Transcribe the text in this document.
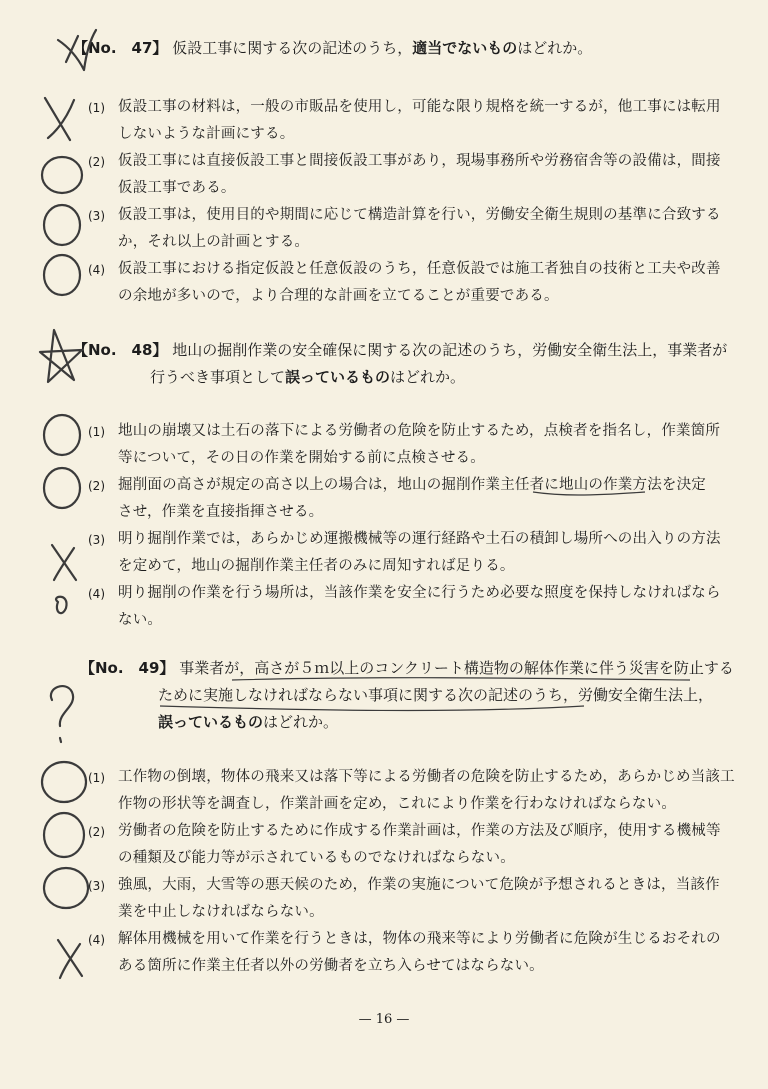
【No.　47】 仮設工事に関する次の記述のうち，適当でないものはどれか。
(1) 仮設工事の材料は，一般の市販品を使用し，可能な限り規格を統一するが，他工事には転用
しないような計画にする。
(2) 仮設工事には直接仮設工事と間接仮設工事があり，現場事務所や労務宿舎等の設備は，間接
仮設工事である。
(3) 仮設工事は，使用目的や期間に応じて構造計算を行い，労働安全衛生規則の基準に合致する
か，それ以上の計画とする。
(4) 仮設工事における指定仮設と任意仮設のうち，任意仮設では施工者独自の技術と工夫や改善
の余地が多いので，より合理的な計画を立てることが重要である。
【No.　48】 地山の掘削作業の安全確保に関する次の記述のうち，労働安全衛生法上，事業者が
行うべき事項として誤っているものはどれか。
(1) 地山の崩壊又は土石の落下による労働者の危険を防止するため，点検者を指名し，作業箇所
等について，その日の作業を開始する前に点検させる。
(2) 掘削面の高さが規定の高さ以上の場合は，地山の掘削作業主任者に地山の作業方法を決定
させ，作業を直接指揮させる。
(3) 明り掘削作業では，あらかじめ運搬機械等の運行経路や土石の積卸し場所への出入りの方法
を定めて，地山の掘削作業主任者のみに周知すれば足りる。
(4) 明り掘削の作業を行う場所は，当該作業を安全に行うため必要な照度を保持しなければなら
ない。
【No.　49】 事業者が，高さが５ｍ以上のコンクリート構造物の解体作業に伴う災害を防止する
ために実施しなければならない事項に関する次の記述のうち，労働安全衛生法上，
誤っているものはどれか。
(1) 工作物の倒壊，物体の飛来又は落下等による労働者の危険を防止するため，あらかじめ当該工
作物の形状等を調査し，作業計画を定め，これにより作業を行わなければならない。
(2) 労働者の危険を防止するために作成する作業計画は，作業の方法及び順序，使用する機械等
の種類及び能力等が示されているものでなければならない。
(3) 強風，大雨，大雪等の悪天候のため，作業の実施について危険が予想されるときは，当該作
業を中止しなければならない。
(4) 解体用機械を用いて作業を行うときは，物体の飛来等により労働者に危険が生じるおそれの
ある箇所に作業主任者以外の労働者を立ち入らせてはならない。
— 16 —
